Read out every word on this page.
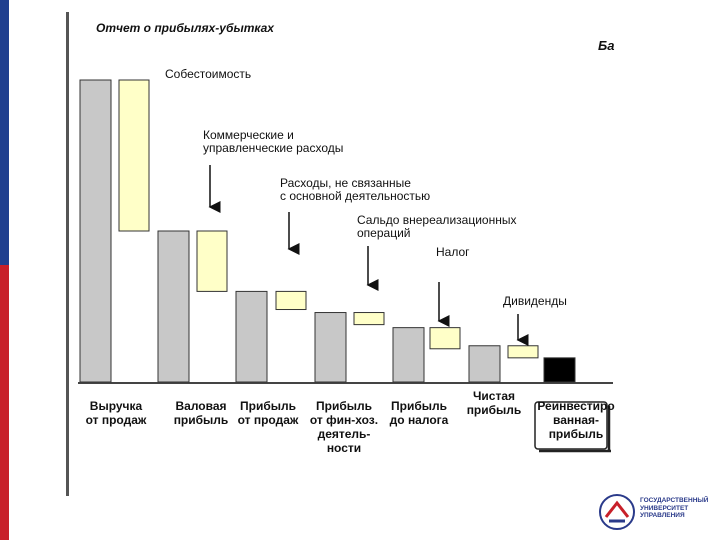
Отчет о прибылях-убытках
Ба
Собестоимость
Коммерческие и управленческие расходы
Расходы, не связанные с основной деятельностью
Сальдо внереализационных операций
Налог
Дивиденды
Выручка от продаж
Валовая прибыль
Прибыль от продаж
Прибыль от фин-хоз. деятель-ности
Прибыль до налога
Чистая прибыль Реинвестиро ванная-прибыль
ГОСУДАРСТВЕННЫЙ УНИВЕРСИТЕТ УПРАВЛЕНИЯ
